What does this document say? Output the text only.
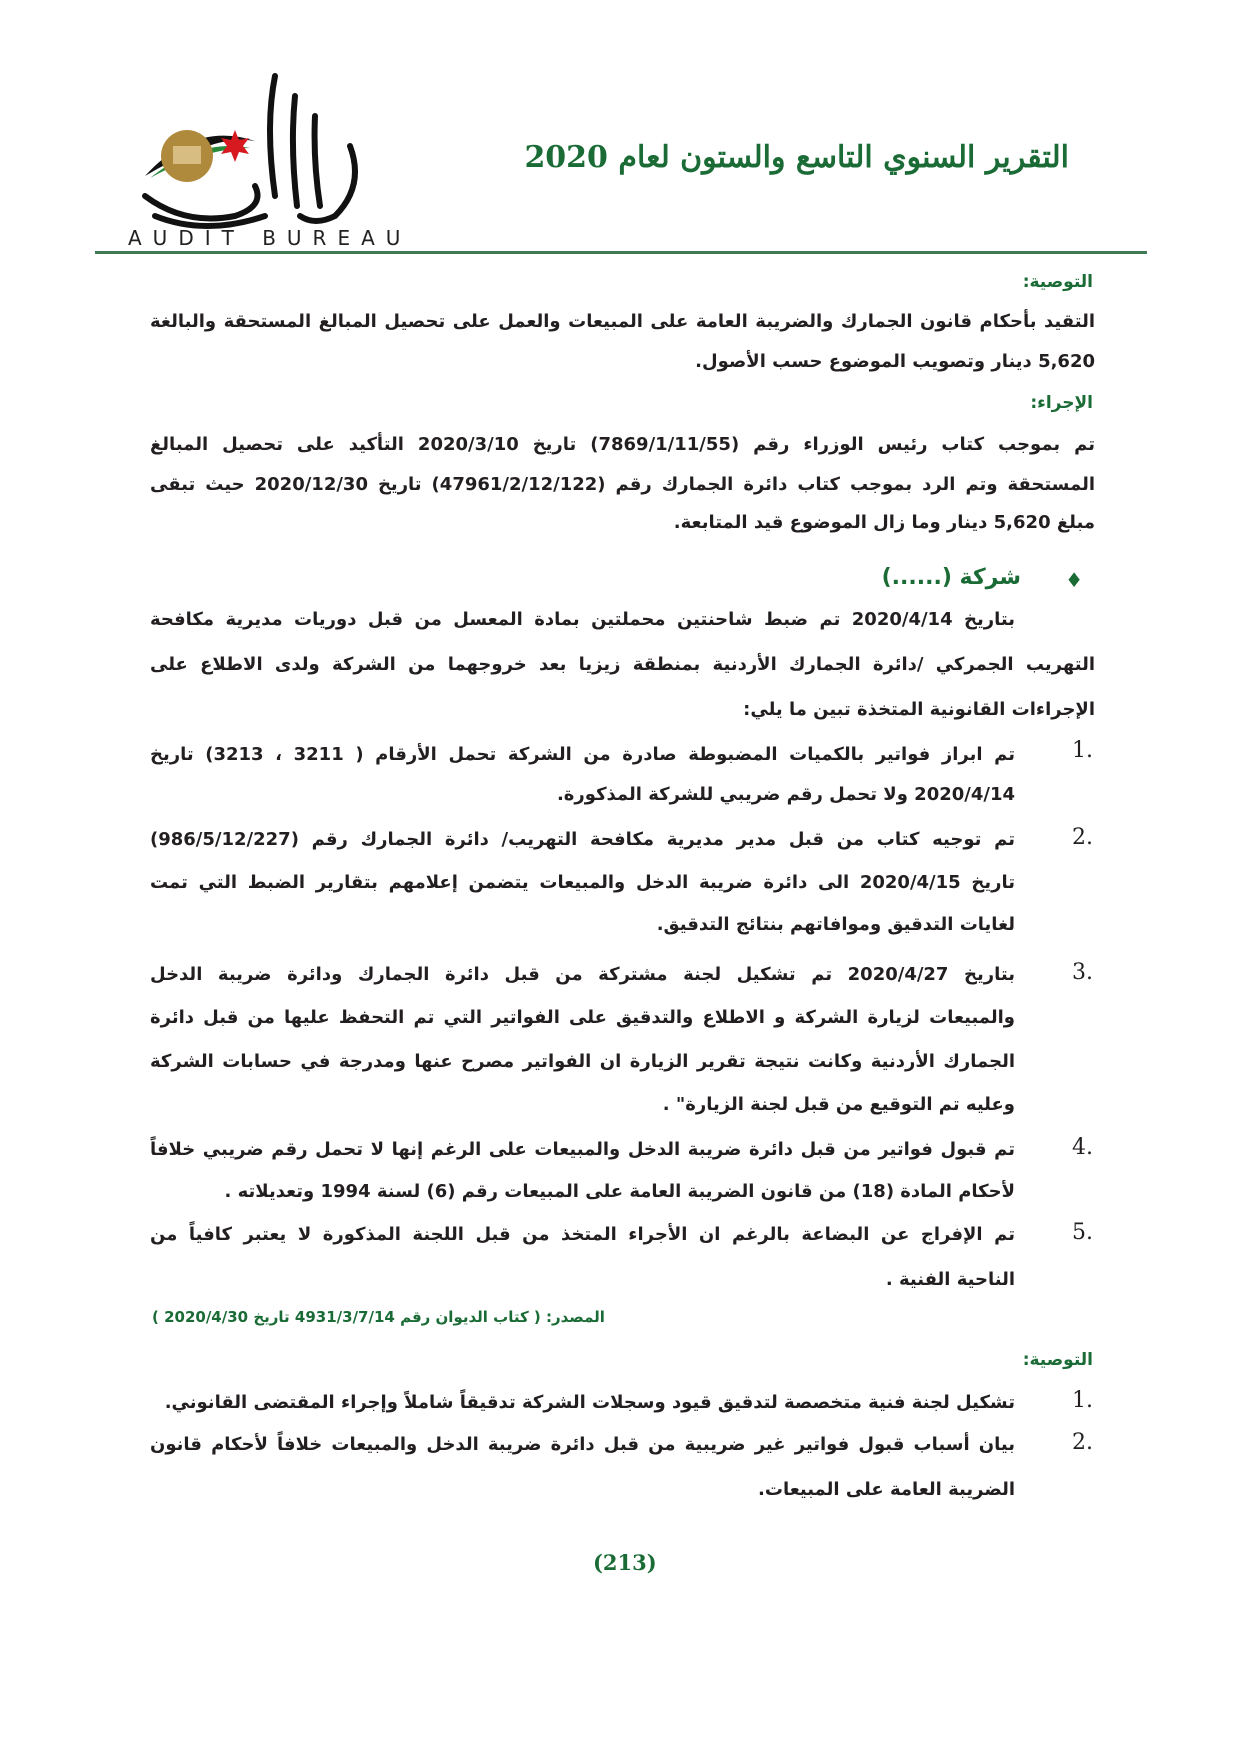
AUDIT BUREAU
التقرير السنوي التاسع والستون لعام 2020
التوصية:
التقيد بأحكام قانون الجمارك والضريبة العامة على المبيعات والعمل على تحصيل المبالغ المستحقة والبالغة
5,620 دينار وتصويب الموضوع حسب الأصول.
الإجراء:
تم بموجب كتاب رئيس الوزراء رقم (7869/1/11/55) تاريخ 2020/3/10 التأكيد على تحصيل المبالغ
المستحقة وتم الرد بموجب كتاب دائرة الجمارك رقم (47961/2/12/122) تاريخ 2020/12/30 حيث تبقى
مبلغ 5,620 دينار وما زال الموضوع قيد المتابعة.
♦
شركة (......)
بتاريخ 2020/4/14 تم ضبط شاحنتين محملتين بمادة المعسل من قبل دوريات مديرية مكافحة
التهريب الجمركي /دائرة الجمارك الأردنية بمنطقة زيزيا بعد خروجهما من الشركة ولدى الاطلاع على
الإجراءات القانونية المتخذة تبين ما يلي:
1.
تم ابراز فواتير بالكميات المضبوطة صادرة من الشركة تحمل الأرقام ( 3211 ، 3213) تاريخ
2020/4/14 ولا تحمل رقم ضريبي للشركة المذكورة.
2.
تم توجيه كتاب من قبل مدير مديرية مكافحة التهريب/ دائرة الجمارك رقم (986/5/12/227)
تاريخ 2020/4/15 الى دائرة ضريبة الدخل والمبيعات يتضمن إعلامهم بتقارير الضبط التي تمت
لغايات التدقيق وموافاتهم بنتائج التدقيق.
3.
بتاريخ 2020/4/27 تم تشكيل لجنة مشتركة من قبل دائرة الجمارك ودائرة ضريبة الدخل
والمبيعات لزيارة الشركة و الاطلاع والتدقيق على الفواتير التي تم التحفظ عليها من قبل دائرة
الجمارك الأردنية وكانت نتيجة تقرير الزيارة ان الفواتير مصرح عنها ومدرجة في حسابات الشركة
وعليه تم التوقيع من قبل لجنة الزيارة" .
4.
تم قبول فواتير من قبل دائرة ضريبة الدخل والمبيعات على الرغم إنها لا تحمل رقم ضريبي خلافاً
لأحكام المادة (18) من قانون الضريبة العامة على المبيعات رقم (6) لسنة 1994 وتعديلاته .
5.
تم الإفراج عن البضاعة بالرغم ان الأجراء المتخذ من قبل اللجنة المذكورة لا يعتبر كافياً من
الناحية الفنية .
المصدر: ( كتاب الديوان رقم 4931/3/7/14 تاريخ 2020/4/30 )
التوصية:
1.
تشكيل لجنة فنية متخصصة لتدقيق قيود وسجلات الشركة تدقيقاً شاملاً وإجراء المقتضى القانوني.
2.
بيان أسباب قبول فواتير غير ضريبية من قبل دائرة ضريبة الدخل والمبيعات خلافاً لأحكام قانون
الضريبة العامة على المبيعات.
(213)
